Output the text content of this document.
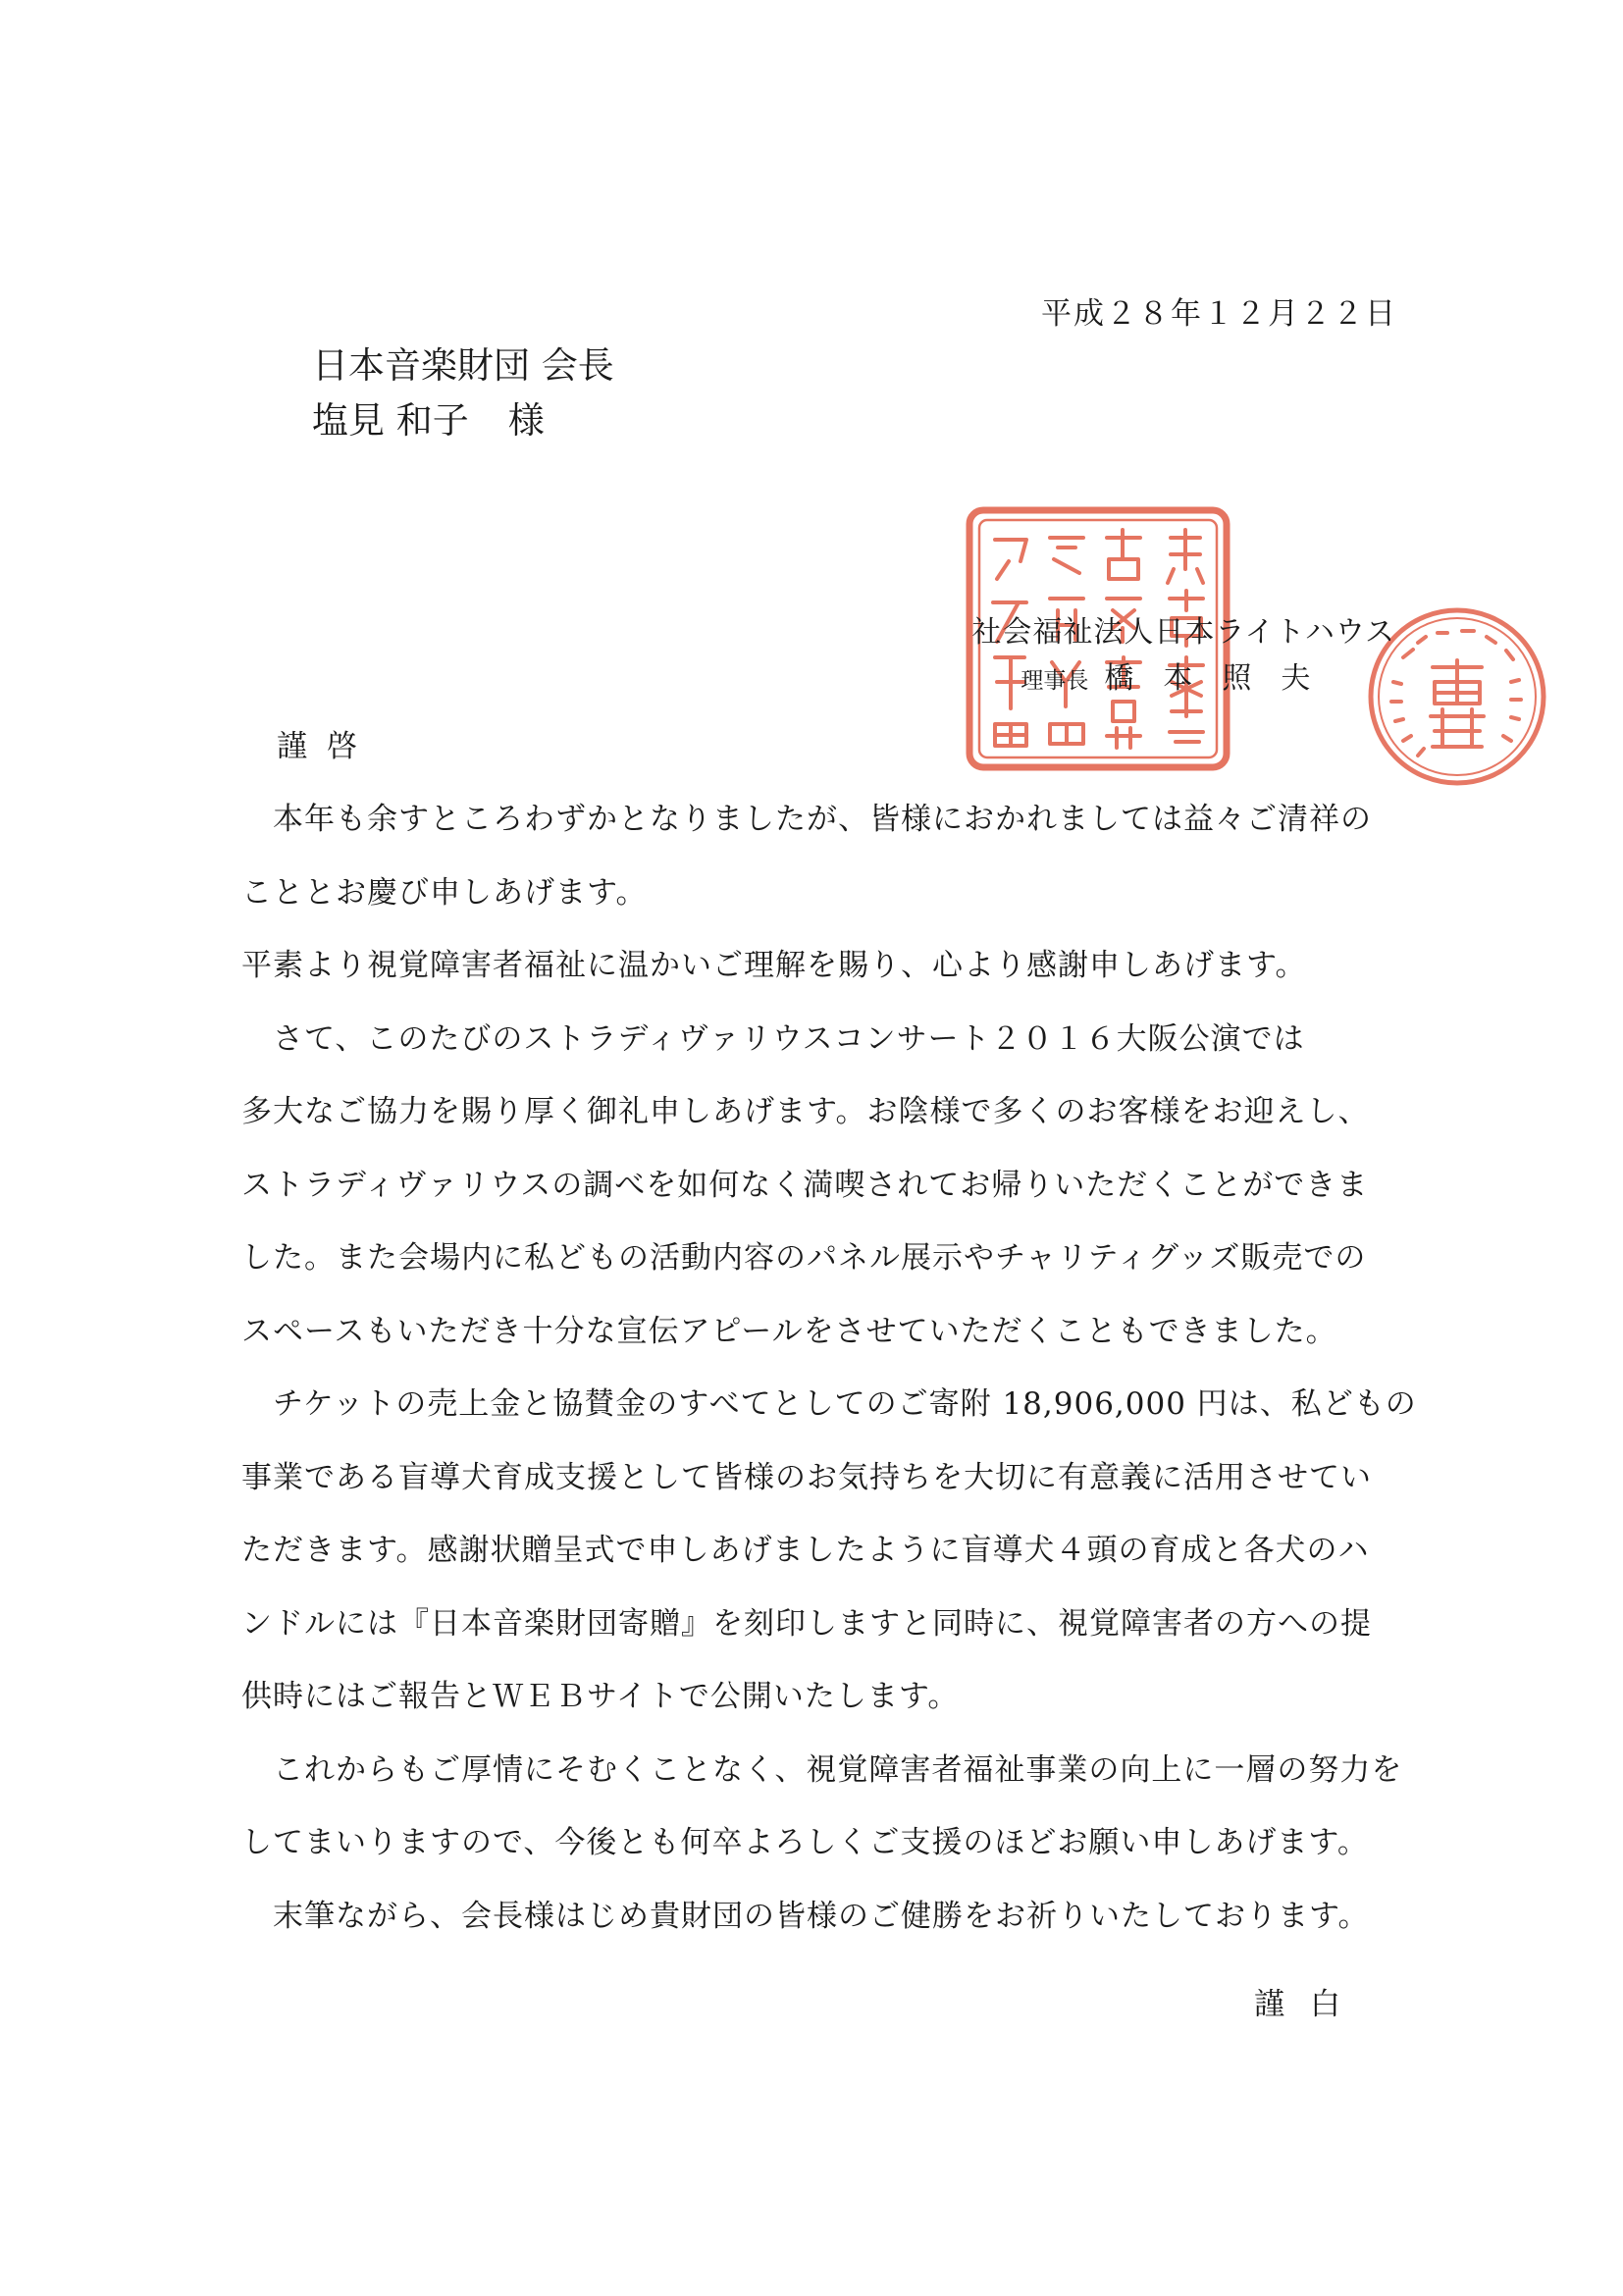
平成２８年１２月２２日
日本音楽財団 会長
塩見 和子 様
社会福祉法人日本ライトハウス
理事長 橋本照夫
謹啓

本年も余すところわずかとなりましたが、皆様におかれましては益々ご清祥の

こととお慶び申しあげます。

平素より視覚障害者福祉に温かいご理解を賜り、心より感謝申しあげます。

さて、このたびのストラディヴァリウスコンサート２０１６大阪公演では

多大なご協力を賜り厚く御礼申しあげます。お陰様で多くのお客様をお迎えし、

ストラディヴァリウスの調べを如何なく満喫されてお帰りいただくことができま

した。また会場内に私どもの活動内容のパネル展示やチャリティグッズ販売での

スペースもいただき十分な宣伝アピールをさせていただくこともできました。

チケットの売上金と協賛金のすべてとしてのご寄附 18,906,000 円は、私どもの

事業である盲導犬育成支援として皆様のお気持ちを大切に有意義に活用させてい

ただきます。感謝状贈呈式で申しあげましたように盲導犬４頭の育成と各犬のハ

ンドルには『日本音楽財団寄贈』を刻印しますと同時に、視覚障害者の方への提

供時にはご報告とＷＥＢサイトで公開いたします。

これからもご厚情にそむくことなく、視覚障害者福祉事業の向上に一層の努力を

してまいりますので、今後とも何卒よろしくご支援のほどお願い申しあげます。

末筆ながら、会長様はじめ貴財団の皆様のご健勝をお祈りいたしております。

謹白
